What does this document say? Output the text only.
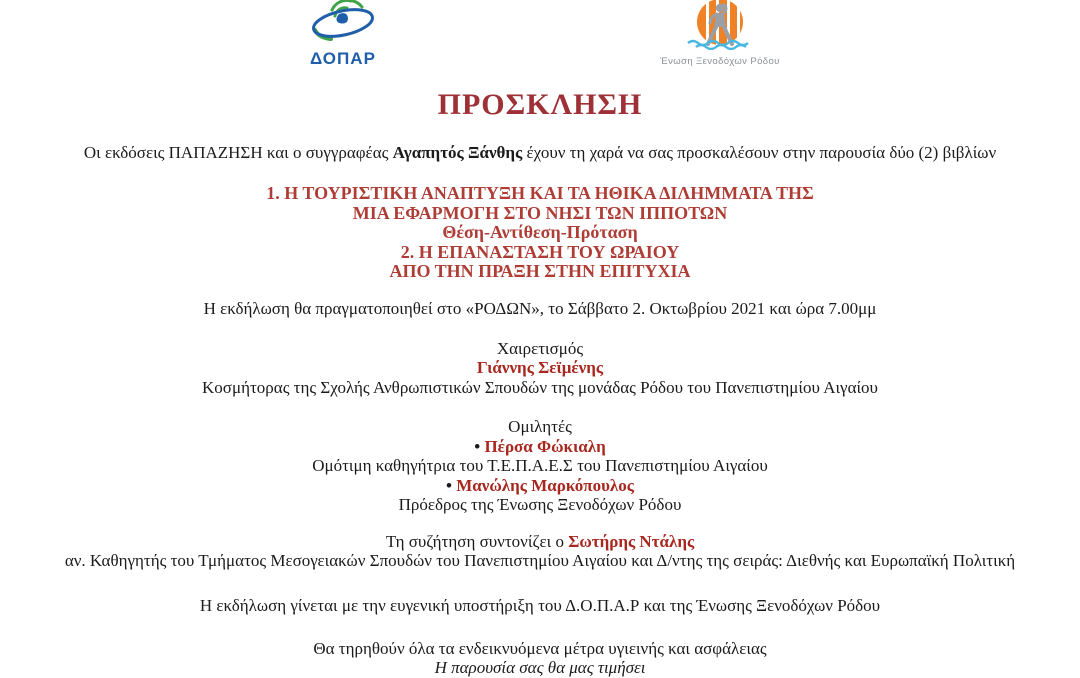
ΔΟΠΑΡ	Ένωση Ξενοδόχων Ρόδου
ΠΡΟΣΚΛΗΣΗ
Οι εκδόσεις ΠΑΠΑΖΗΣΗ και ο συγγραφέας Αγαπητός Ξάνθης έχουν τη χαρά να σας προσκαλέσουν στην παρουσία δύο (2) βιβλίων
1. Η ΤΟΥΡΙΣΤΙΚΗ ΑΝΑΠΤΥΞΗ ΚΑΙ ΤΑ ΗΘΙΚΑ ΔΙΛΗΜΜΑΤΑ ΤΗΣ
ΜΙΑ ΕΦΑΡΜΟΓΗ ΣΤΟ ΝΗΣΙ ΤΩΝ ΙΠΠΟΤΩΝ
Θέση-Αντίθεση-Πρόταση
2. Η ΕΠΑΝΑΣΤΑΣΗ ΤΟΥ ΩΡΑΙΟΥ
ΑΠΟ ΤΗΝ ΠΡΑΞΗ ΣΤΗΝ ΕΠΙΤΥΧΙΑ
Η εκδήλωση θα πραγματοποιηθεί στο «ΡΟΔΩΝ», το Σάββατο 2. Οκτωβρίου 2021 και ώρα 7.00μμ
Χαιρετισμός
Γιάννης Σεϊμένης
Κοσμήτορας της Σχολής Ανθρωπιστικών Σπουδών της μονάδας Ρόδου του Πανεπιστημίου Αιγαίου
Ομιλητές
• Πέρσα Φώκιαλη
Ομότιμη καθηγήτρια του Τ.Ε.Π.Α.Ε.Σ του Πανεπιστημίου Αιγαίου
• Μανώλης Μαρκόπουλος
Πρόεδρος της Ένωσης Ξενοδόχων Ρόδου
Τη συζήτηση συντονίζει ο Σωτήρης Ντάλης
αν. Καθηγητής του Τμήματος Μεσογειακών Σπουδών του Πανεπιστημίου Αιγαίου και Δ/ντης της σειράς: Διεθνής και Ευρωπαϊκή Πολιτική
Η εκδήλωση γίνεται με την ευγενική υποστήριξη του Δ.Ο.Π.Α.Ρ και της Ένωσης Ξενοδόχων Ρόδου
Θα τηρηθούν όλα τα ενδεικνυόμενα μέτρα υγιεινής και ασφάλειας
Η παρουσία σας θα μας τιμήσει
